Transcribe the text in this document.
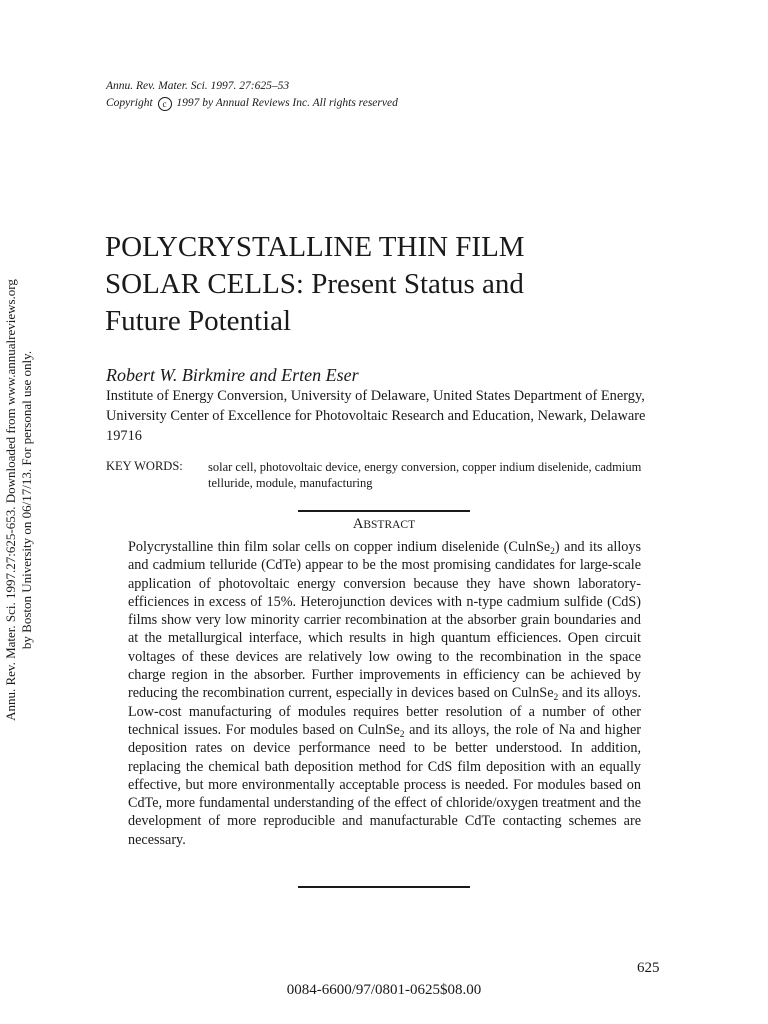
Annu. Rev. Mater. Sci. 1997. 27:625–53
Copyright c 1997 by Annual Reviews Inc. All rights reserved
POLYCRYSTALLINE THIN FILM
SOLAR CELLS: Present Status and
Future Potential
Robert W. Birkmire and Erten Eser
Institute of Energy Conversion, University of Delaware, United States Department of Energy, University Center of Excellence for Photovoltaic Research and Education, Newark, Delaware 19716
KEY WORDS: solar cell, photovoltaic device, energy conversion, copper indium diselenide, cadmium telluride, module, manufacturing
ABSTRACT
Polycrystalline thin film solar cells on copper indium diselenide (CulnSe$_2$) and its alloys and cadmium telluride (CdTe) appear to be the most promising candidates for large-scale application of photovoltaic energy conversion because they have shown laboratory-efficiences in excess of 15%. Heterojunction devices with n-type cadmium sulfide (CdS) films show very low minority carrier recombination at the absorber grain boundaries and at the metallurgical interface, which results in high quantum efficiences. Open circuit voltages of these devices are relatively low owing to the recombination in the space charge region in the absorber. Further improvements in efficiency can be achieved by reducing the recombination current, especially in devices based on CulnSe$_2$ and its alloys. Low-cost manufacturing of modules requires better resolution of a number of other technical issues. For modules based on CulnSe$_2$ and its alloys, the role of Na and higher deposition rates on device performance need to be better understood. In addition, replacing the chemical bath deposition method for CdS film deposition with an equally effective, but more environmentally acceptable process is needed. For modules based on CdTe, more fundamental understanding of the effect of chloride/oxygen treatment and the development of more reproducible and manufacturable CdTe contacting schemes are necessary.
625
0084-6600/97/0801-0625$08.00
Annu. Rev. Mater. Sci. 1997.27:625-653. Downloaded from www.annualreviews.org by Boston University on 06/17/13. For personal use only.
